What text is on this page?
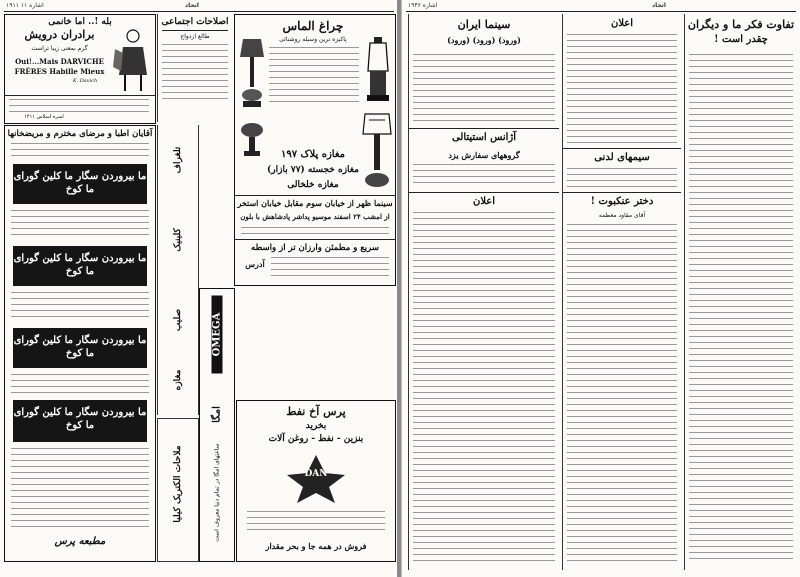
اشاره ۱۱ ۱۹۱۱	اتحاد
بله !.. اما خانمی
برادران درویش
گرم بمعنی زیبا تراست
Oui!...Mais DARVICHE
FRÈRES Habille Mieux
K. Davich
اسره اسلاس ۱۴۱۱
اصلاحات اجتماعی
طالع ازدواج
چراغ الماس
پاکیزه ترین وسیله روشنائی
مغازه پلاک ۱۹۷
مغازه خجسته (۷۷ بازار)
مغازه خلخالی
سینما ظهر از خیابان سوم مقابل خیابان استخر
از امشب ۲۴ اسفند موسیو پداشر پادشاهش با بلون
سریع و مطمئن وارزان تر از واسطه
آدرس
آقایان اطبا و مرضای مخترم و مریضخانها
ما بیروردن سگار ما کلین گورای ما کوخ
ما بیروردن سگار ما کلین گورای ما کوخ
ما بیروردن سگار ما کلین گورای ما کوخ
ما بیروردن سگار ما کلین گورای ما کوخ
مطبعه پرس
تلغراف
کلینیک
صلیب
مغازه
OMEGA
امگا
ساعتهای امگا در تمام دنیا معروف است
پرس آخ نفط
بخرید
بنزین - نفط - روغن آلات
DAN
فروش در همه جا و بحر مقدار
ملاحات الکتریک کیلیا
اشاره ۱۹۴۶	اتحاد
سینما ایران
(ورود) (ورود) (ورود)
آژانس استیتالی
گروههای سفارش یزد
اعلان
اعلان
سیمهای لدنی
دختر عنکبوت !
آقای مقاود معظمه
تفاوت فکر ما و دیگران
چقدر است !
